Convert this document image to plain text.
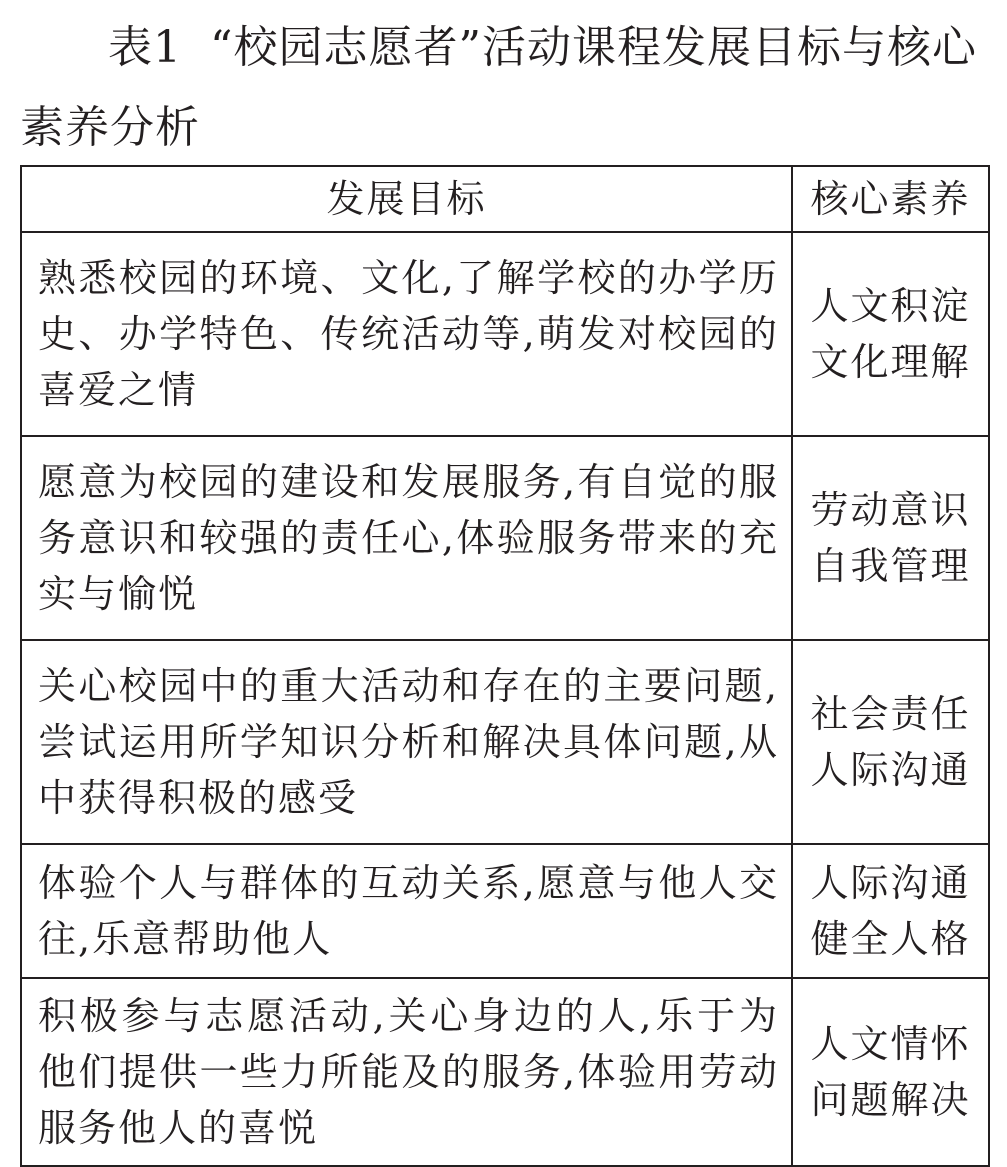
表1 “校园志愿者”活动课程发展目标与核心素养分析
发展目标	核心素养
熟悉校园的环境、文化,了解学校的办学历史、办学特色、传统活动等,萌发对校园的喜爱之情	人文积淀
文化理解

愿意为校园的建设和发展服务,有自觉的服务意识和较强的责任心,体验服务带来的充实与愉悦	劳动意识
自我管理

关心校园中的重大活动和存在的主要问题,尝试运用所学知识分析和解决具体问题,从中获得积极的感受	社会责任
人际沟通

体验个人与群体的互动关系,愿意与他人交往,乐意帮助他人	人际沟通
健全人格

积极参与志愿活动,关心身边的人,乐于为他们提供一些力所能及的服务,体验用劳动服务他人的喜悦	人文情怀
问题解决
